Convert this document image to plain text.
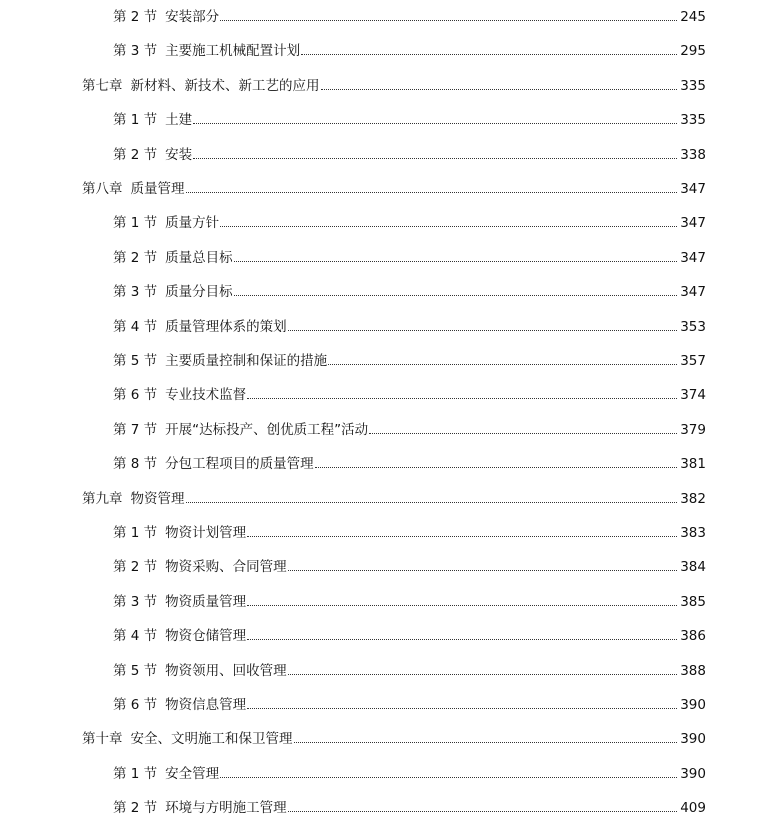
第 2 节 安装部分	245
第 3 节 主要施工机械配置计划	295
第七章 新材料、新技术、新工艺的应用	335
第 1 节 土建	335
第 2 节 安装	338
第八章 质量管理	347
第 1 节 质量方针	347
第 2 节 质量总目标	347
第 3 节 质量分目标	347
第 4 节 质量管理体系的策划	353
第 5 节 主要质量控制和保证的措施	357
第 6 节 专业技术监督	374
第 7 节 开展“达标投产、创优质工程”活动	379
第 8 节 分包工程项目的质量管理	381
第九章 物资管理	382
第 1 节 物资计划管理	383
第 2 节 物资采购、合同管理	384
第 3 节 物资质量管理	385
第 4 节 物资仓储管理	386
第 5 节 物资领用、回收管理	388
第 6 节 物资信息管理	390
第十章 安全、文明施工和保卫管理	390
第 1 节 安全管理	390
第 2 节 环境与方明施工管理	409
